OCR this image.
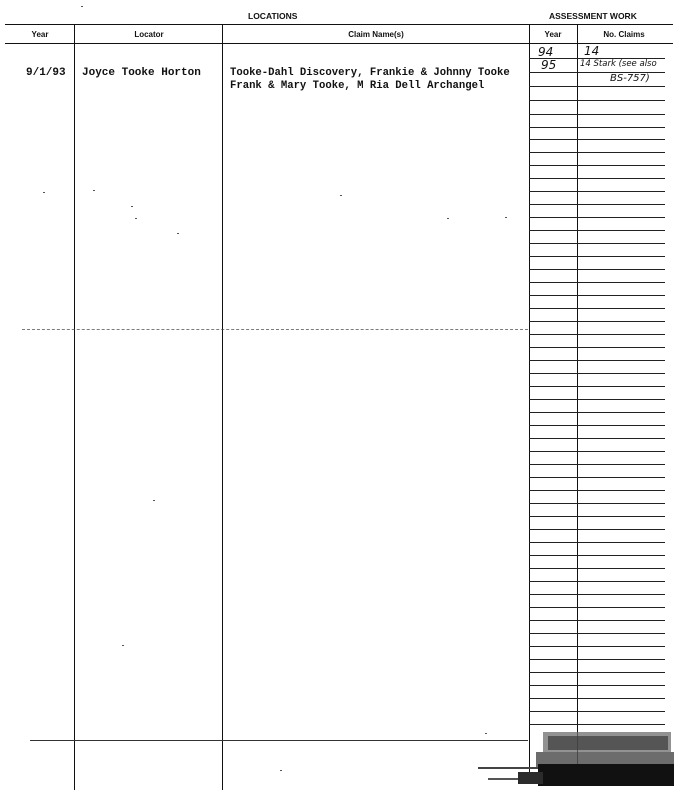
LOCATIONS	ASSESSMENT WORK
Year	Locator	Claim Name(s)	Year	No. Claims
9/1/93 Joyce Tooke Horton	Tooke-Dahl Discovery, Frankie & Johnny Tooke
Frank & Mary Tooke, M Ria Dell Archangel
94	14
95	14 Stark (see also
BS-757)
